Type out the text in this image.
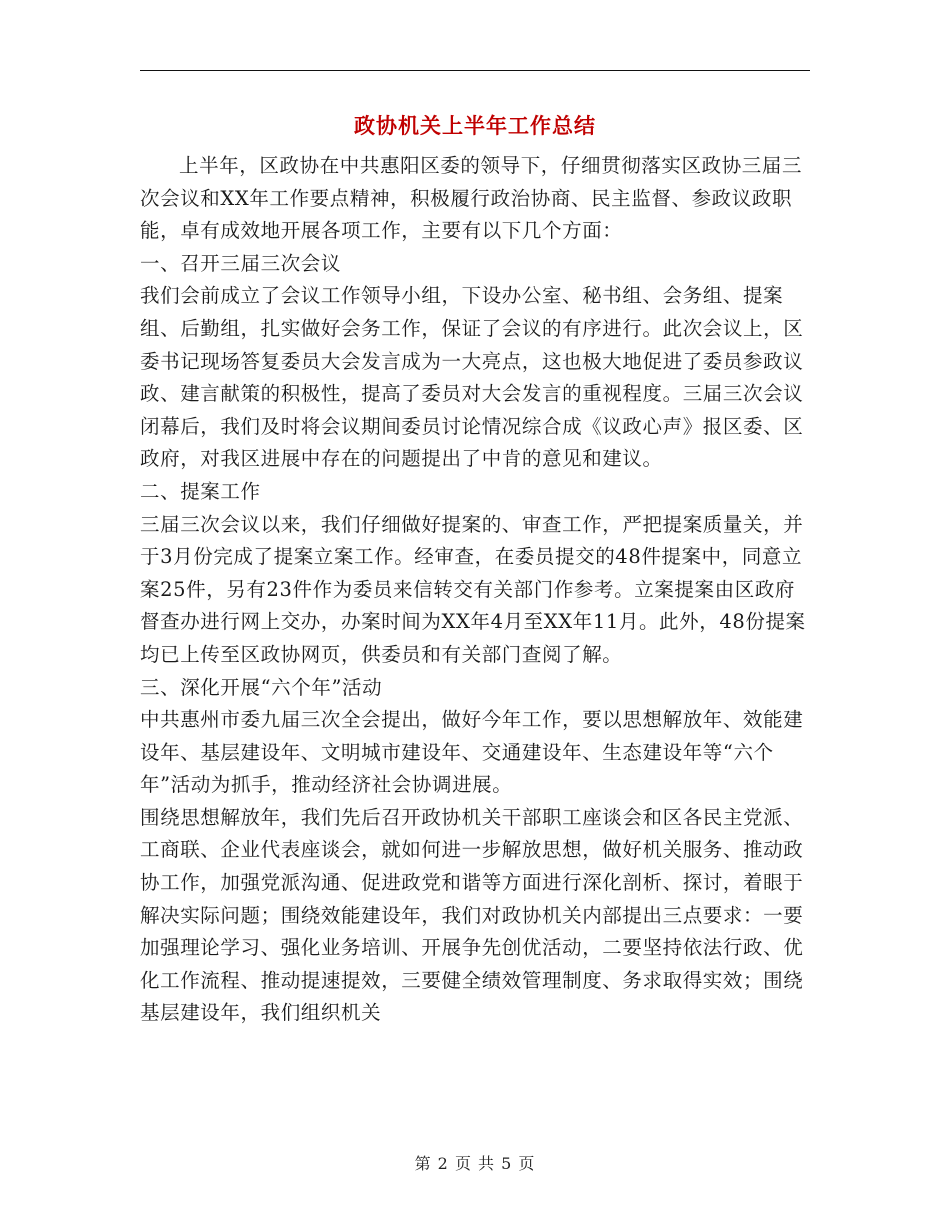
政协机关上半年工作总结

上半年，区政协在中共惠阳区委的领导下，仔细贯彻落实区政协三届三次会议和XX年工作要点精神，积极履行政治协商、民主监督、参政议政职能，卓有成效地开展各项工作，主要有以下几个方面：

一、召开三届三次会议

我们会前成立了会议工作领导小组，下设办公室、秘书组、会务组、提案组、后勤组，扎实做好会务工作，保证了会议的有序进行。此次会议上，区委书记现场答复委员大会发言成为一大亮点，这也极大地促进了委员参政议政、建言献策的积极性，提高了委员对大会发言的重视程度。三届三次会议闭幕后，我们及时将会议期间委员讨论情况综合成《议政心声》报区委、区政府，对我区进展中存在的问题提出了中肯的意见和建议。

二、提案工作

三届三次会议以来，我们仔细做好提案的、审查工作，严把提案质量关，并于3月份完成了提案立案工作。经审查，在委员提交的48件提案中，同意立案25件，另有23件作为委员来信转交有关部门作参考。立案提案由区政府督查办进行网上交办，办案时间为XX年4月至XX年11月。此外，48份提案均已上传至区政协网页，供委员和有关部门查阅了解。

三、深化开展“六个年”活动

中共惠州市委九届三次全会提出，做好今年工作，要以思想解放年、效能建设年、基层建设年、文明城市建设年、交通建设年、生态建设年等“六个年”活动为抓手，推动经济社会协调进展。

围绕思想解放年，我们先后召开政协机关干部职工座谈会和区各民主党派、工商联、企业代表座谈会，就如何进一步解放思想，做好机关服务、推动政协工作，加强党派沟通、促进政党和谐等方面进行深化剖析、探讨，着眼于解决实际问题；围绕效能建设年，我们对政协机关内部提出三点要求：一要加强理论学习、强化业务培训、开展争先创优活动，二要坚持依法行政、优化工作流程、推动提速提效，三要健全绩效管理制度、务求取得实效；围绕基层建设年，我们组织机关

第 2 页 共 5 页
